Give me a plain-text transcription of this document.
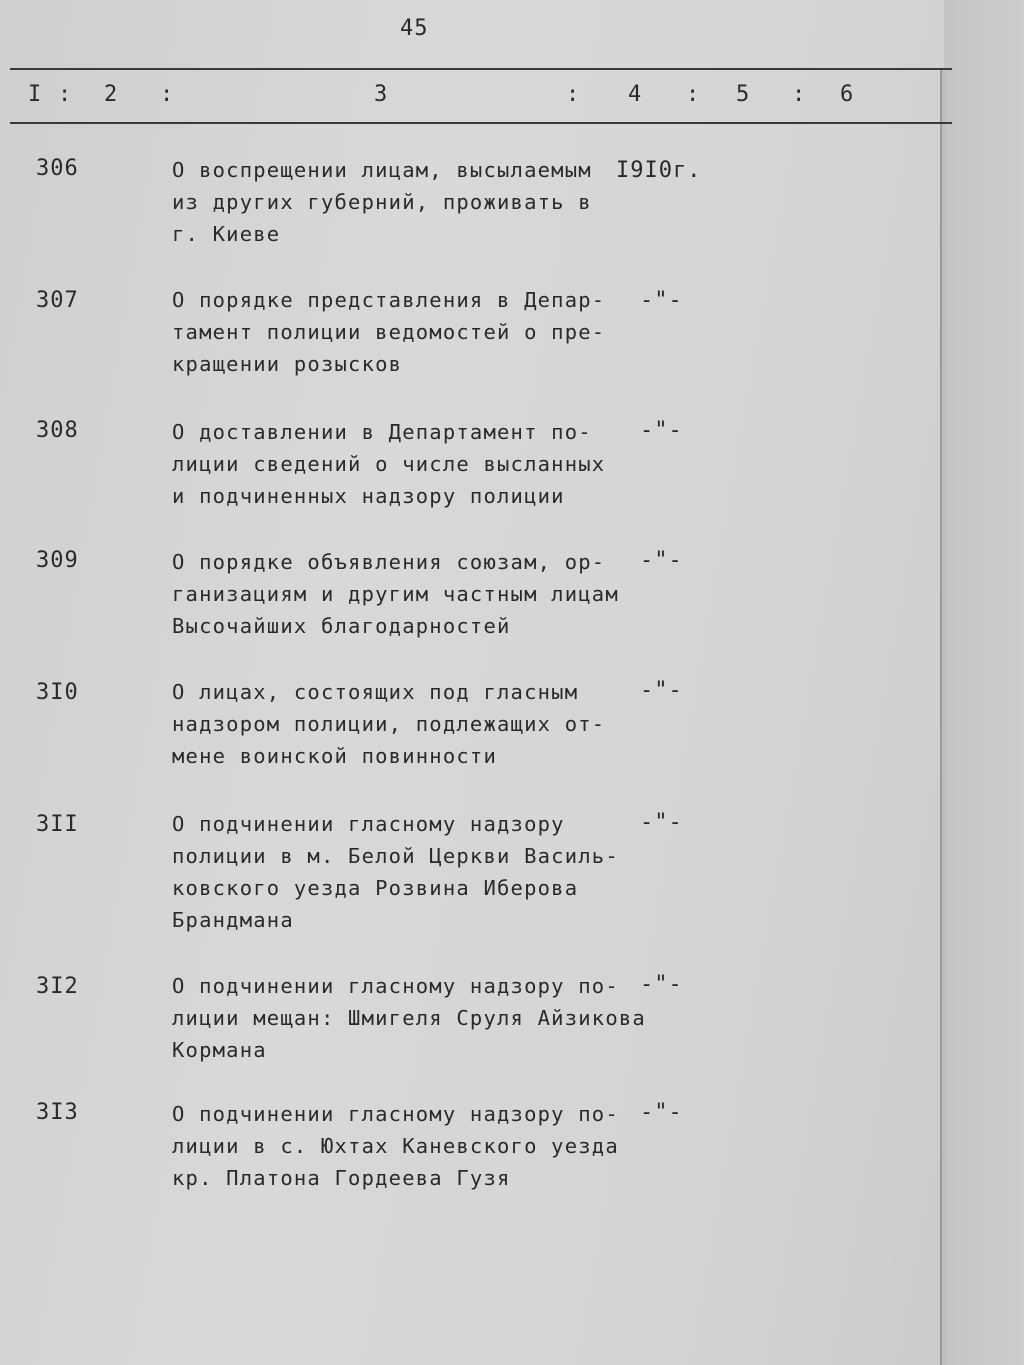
45
I : 2 :	3	: 4 : 5 : 6
306	О воспрещении лицам, высылаемым
из других губерний, проживать в
г. Киеве
I9I0г.
307	О порядке представления в Депар-
тамент полиции ведомостей о пре-
кращении розысков
-"-
308	О доставлении в Департамент по-
лиции сведений о числе высланных
и подчиненных надзору полиции
-"-
309	О порядке объявления союзам, ор-
ганизациям и другим частным лицам
Высочайших благодарностей
-"-
3I0	О лицах, состоящих под гласным
надзором полиции, подлежащих от-
мене воинской повинности
-"-
3II	О подчинении гласному надзору
полиции в м. Белой Церкви Василь-
ковского уезда Розвина Иберова
Брандмана
-"-
3I2	О подчинении гласному надзору по-
лиции мещан: Шмигеля Сруля Айзикова
Кормана
-"-
3I3	О подчинении гласному надзору по-
лиции в с. Юхтах Каневского уезда
кр. Платона Гордеева Гузя
-"-
